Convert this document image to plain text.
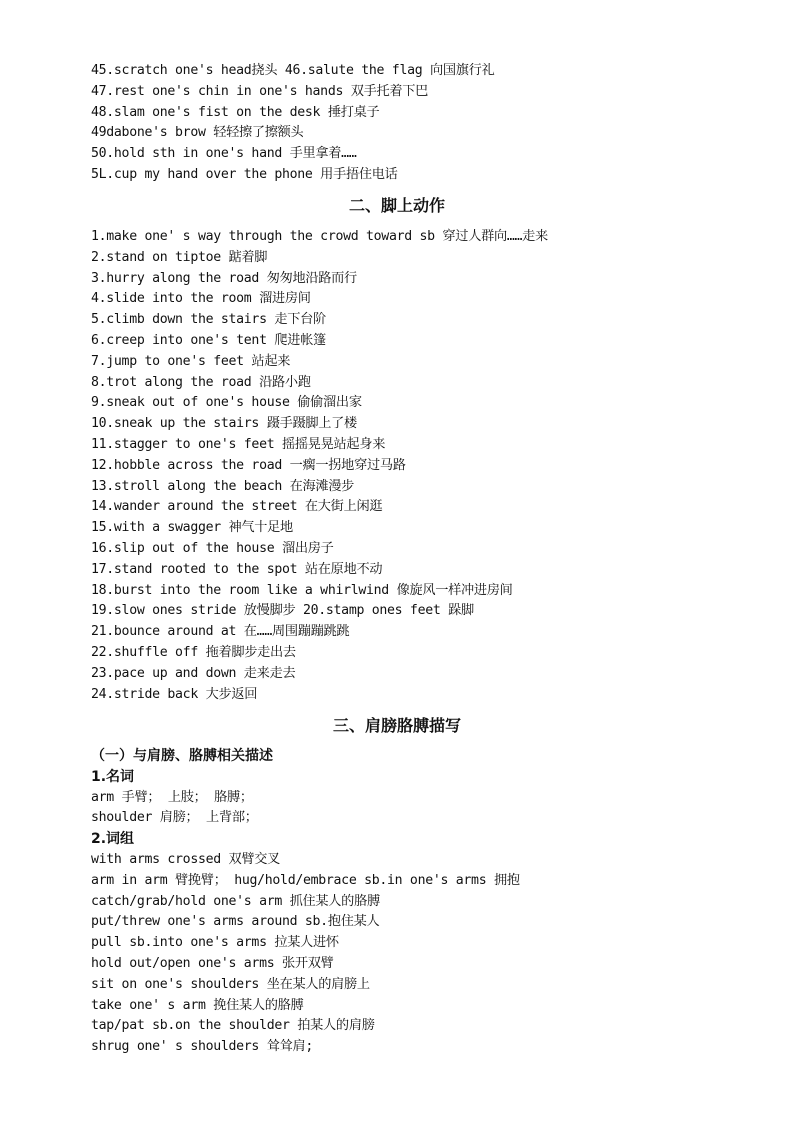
45.scratch one's head挠头 46.salute the flag 向国旗行礼
47.rest one's chin in one's hands 双手托着下巴
48.slam one's fist on the desk 捶打桌子
49dabone's brow 轻轻擦了擦额头
50.hold sth in one's hand 手里拿着……
5L.cup my hand over the phone 用手捂住电话
二、脚上动作
1.make one' s way through the crowd toward sb 穿过人群向……走来
2.stand on tiptoe 踮着脚
3.hurry along the road 匆匆地沿路而行
4.slide into the room 溜进房间
5.climb down the stairs 走下台阶
6.creep into one's tent 爬进帐篷
7.jump to one's feet 站起来
8.trot along the road 沿路小跑
9.sneak out of one's house 偷偷溜出家
10.sneak up the stairs 蹑手蹑脚上了楼
11.stagger to one's feet 摇摇晃晃站起身来
12.hobble across the road 一瘸一拐地穿过马路
13.stroll along the beach 在海滩漫步
14.wander around the street 在大街上闲逛
15.with a swagger 神气十足地
16.slip out of the house 溜出房子
17.stand rooted to the spot 站在原地不动
18.burst into the room like a whirlwind 像旋风一样冲进房间
19.slow ones stride 放慢脚步 20.stamp ones feet 跺脚
21.bounce around at 在……周围蹦蹦跳跳
22.shuffle off 拖着脚步走出去
23.pace up and down 走来走去
24.stride back 大步返回
三、肩膀胳膊描写
（一）与肩膀、胳膊相关描述
1.名词
arm 手臂； 上肢； 胳膊；
shoulder 肩膀； 上背部；
2.词组
with arms crossed 双臂交叉
arm in arm 臂挽臂； hug/hold/embrace sb.in one's arms 拥抱
catch/grab/hold one's arm 抓住某人的胳膊
put/threw one's arms around sb.抱住某人
pull sb.into one's arms 拉某人进怀
hold out/open one's arms 张开双臂
sit on one's shoulders 坐在某人的肩膀上
take one' s arm 挽住某人的胳膊
tap/pat sb.on the shoulder 拍某人的肩膀
shrug one' s shoulders 耸耸肩;
